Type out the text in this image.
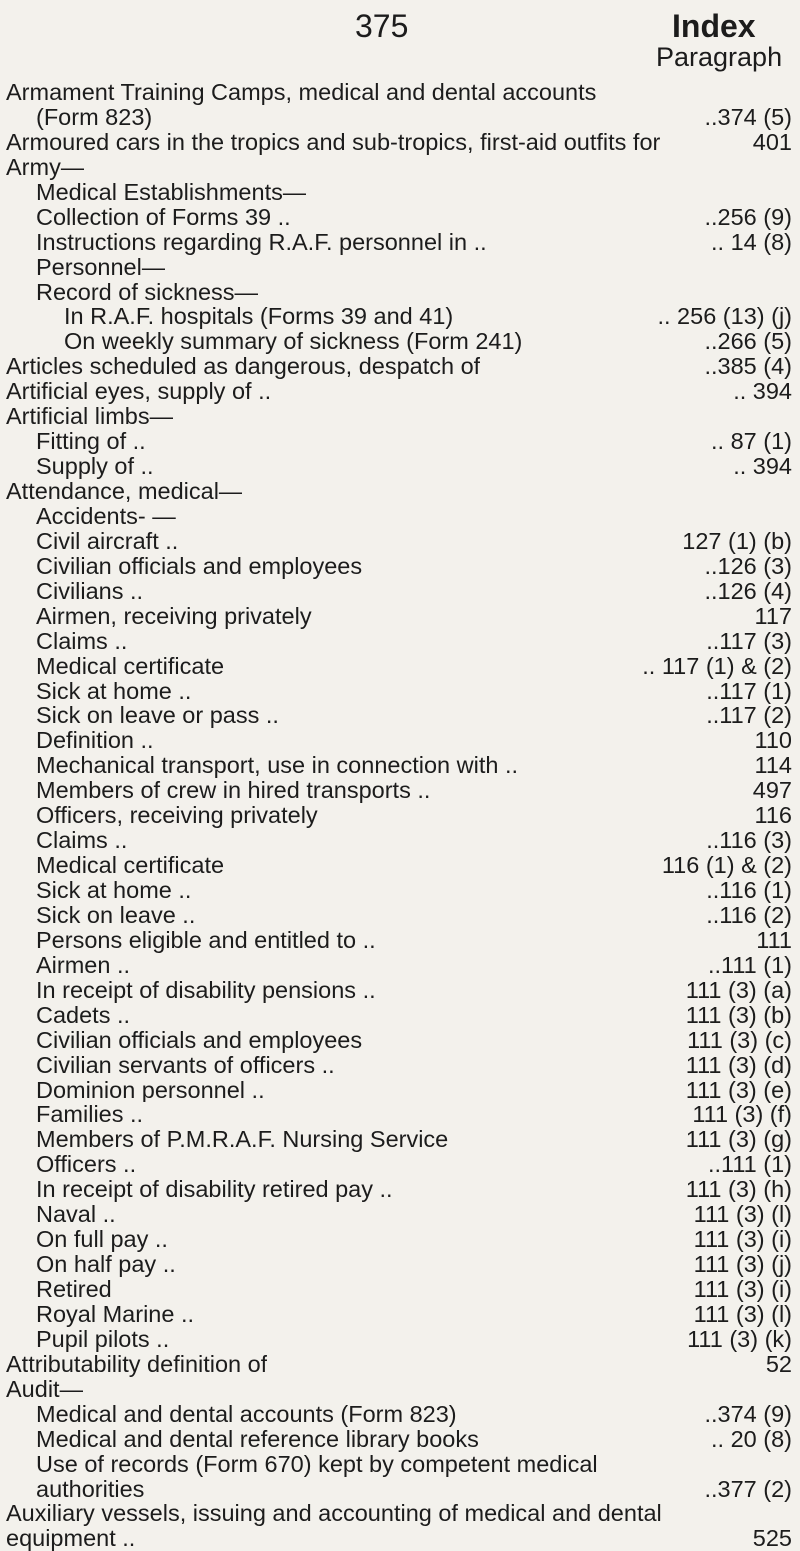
375	Index
Paragraph
Armament Training Camps, medical and dental accounts
(Form 823)	..374 (5)
Armoured cars in the tropics and sub-tropics, first-aid outfits for	401
Army—
Medical Establishments—
Collection of Forms 39 ..	..256 (9)
Instructions regarding R.A.F. personnel in ..	.. 14 (8)
Personnel—
Record of sickness—
In R.A.F. hospitals (Forms 39 and 41)	.. 256 (13) (j)
On weekly summary of sickness (Form 241)	..266 (5)
Articles scheduled as dangerous, despatch of	..385 (4)
Artificial eyes, supply of ..	.. 394
Artificial limbs—
Fitting of ..	.. 87 (1)
Supply of ..	.. 394
Attendance, medical—
Accidents- —
Civil aircraft ..	127 (1) (b)
Civilian officials and employees	..126 (3)
Civilians ..	..126 (4)
Airmen, receiving privately	117
Claims ..	..117 (3)
Medical certificate	.. 117 (1) & (2)
Sick at home ..	..117 (1)
Sick on leave or pass ..	..117 (2)
Definition ..	110
Mechanical transport, use in connection with ..	114
Members of crew in hired transports ..	497
Officers, receiving privately	116
Claims ..	..116 (3)
Medical certificate	116 (1) & (2)
Sick at home ..	..116 (1)
Sick on leave ..	..116 (2)
Persons eligible and entitled to ..	111
Airmen ..	..111 (1)
In receipt of disability pensions ..	111 (3) (a)
Cadets ..	111 (3) (b)
Civilian officials and employees	111 (3) (c)
Civilian servants of officers ..	111 (3) (d)
Dominion personnel ..	111 (3) (e)
Families ..	111 (3) (f)
Members of P.M.R.A.F. Nursing Service	111 (3) (g)
Officers ..	..111 (1)
In receipt of disability retired pay ..	111 (3) (h)
Naval ..	111 (3) (l)
On full pay ..	111 (3) (i)
On half pay ..	111 (3) (j)
Retired	111 (3) (i)
Royal Marine ..	111 (3) (l)
Pupil pilots ..	111 (3) (k)
Attributability definition of	52
Audit—
Medical and dental accounts (Form 823)	..374 (9)
Medical and dental reference library books	.. 20 (8)
Use of records (Form 670) kept by competent medical
authorities	..377 (2)
Auxiliary vessels, issuing and accounting of medical and dental
equipment ..	525
